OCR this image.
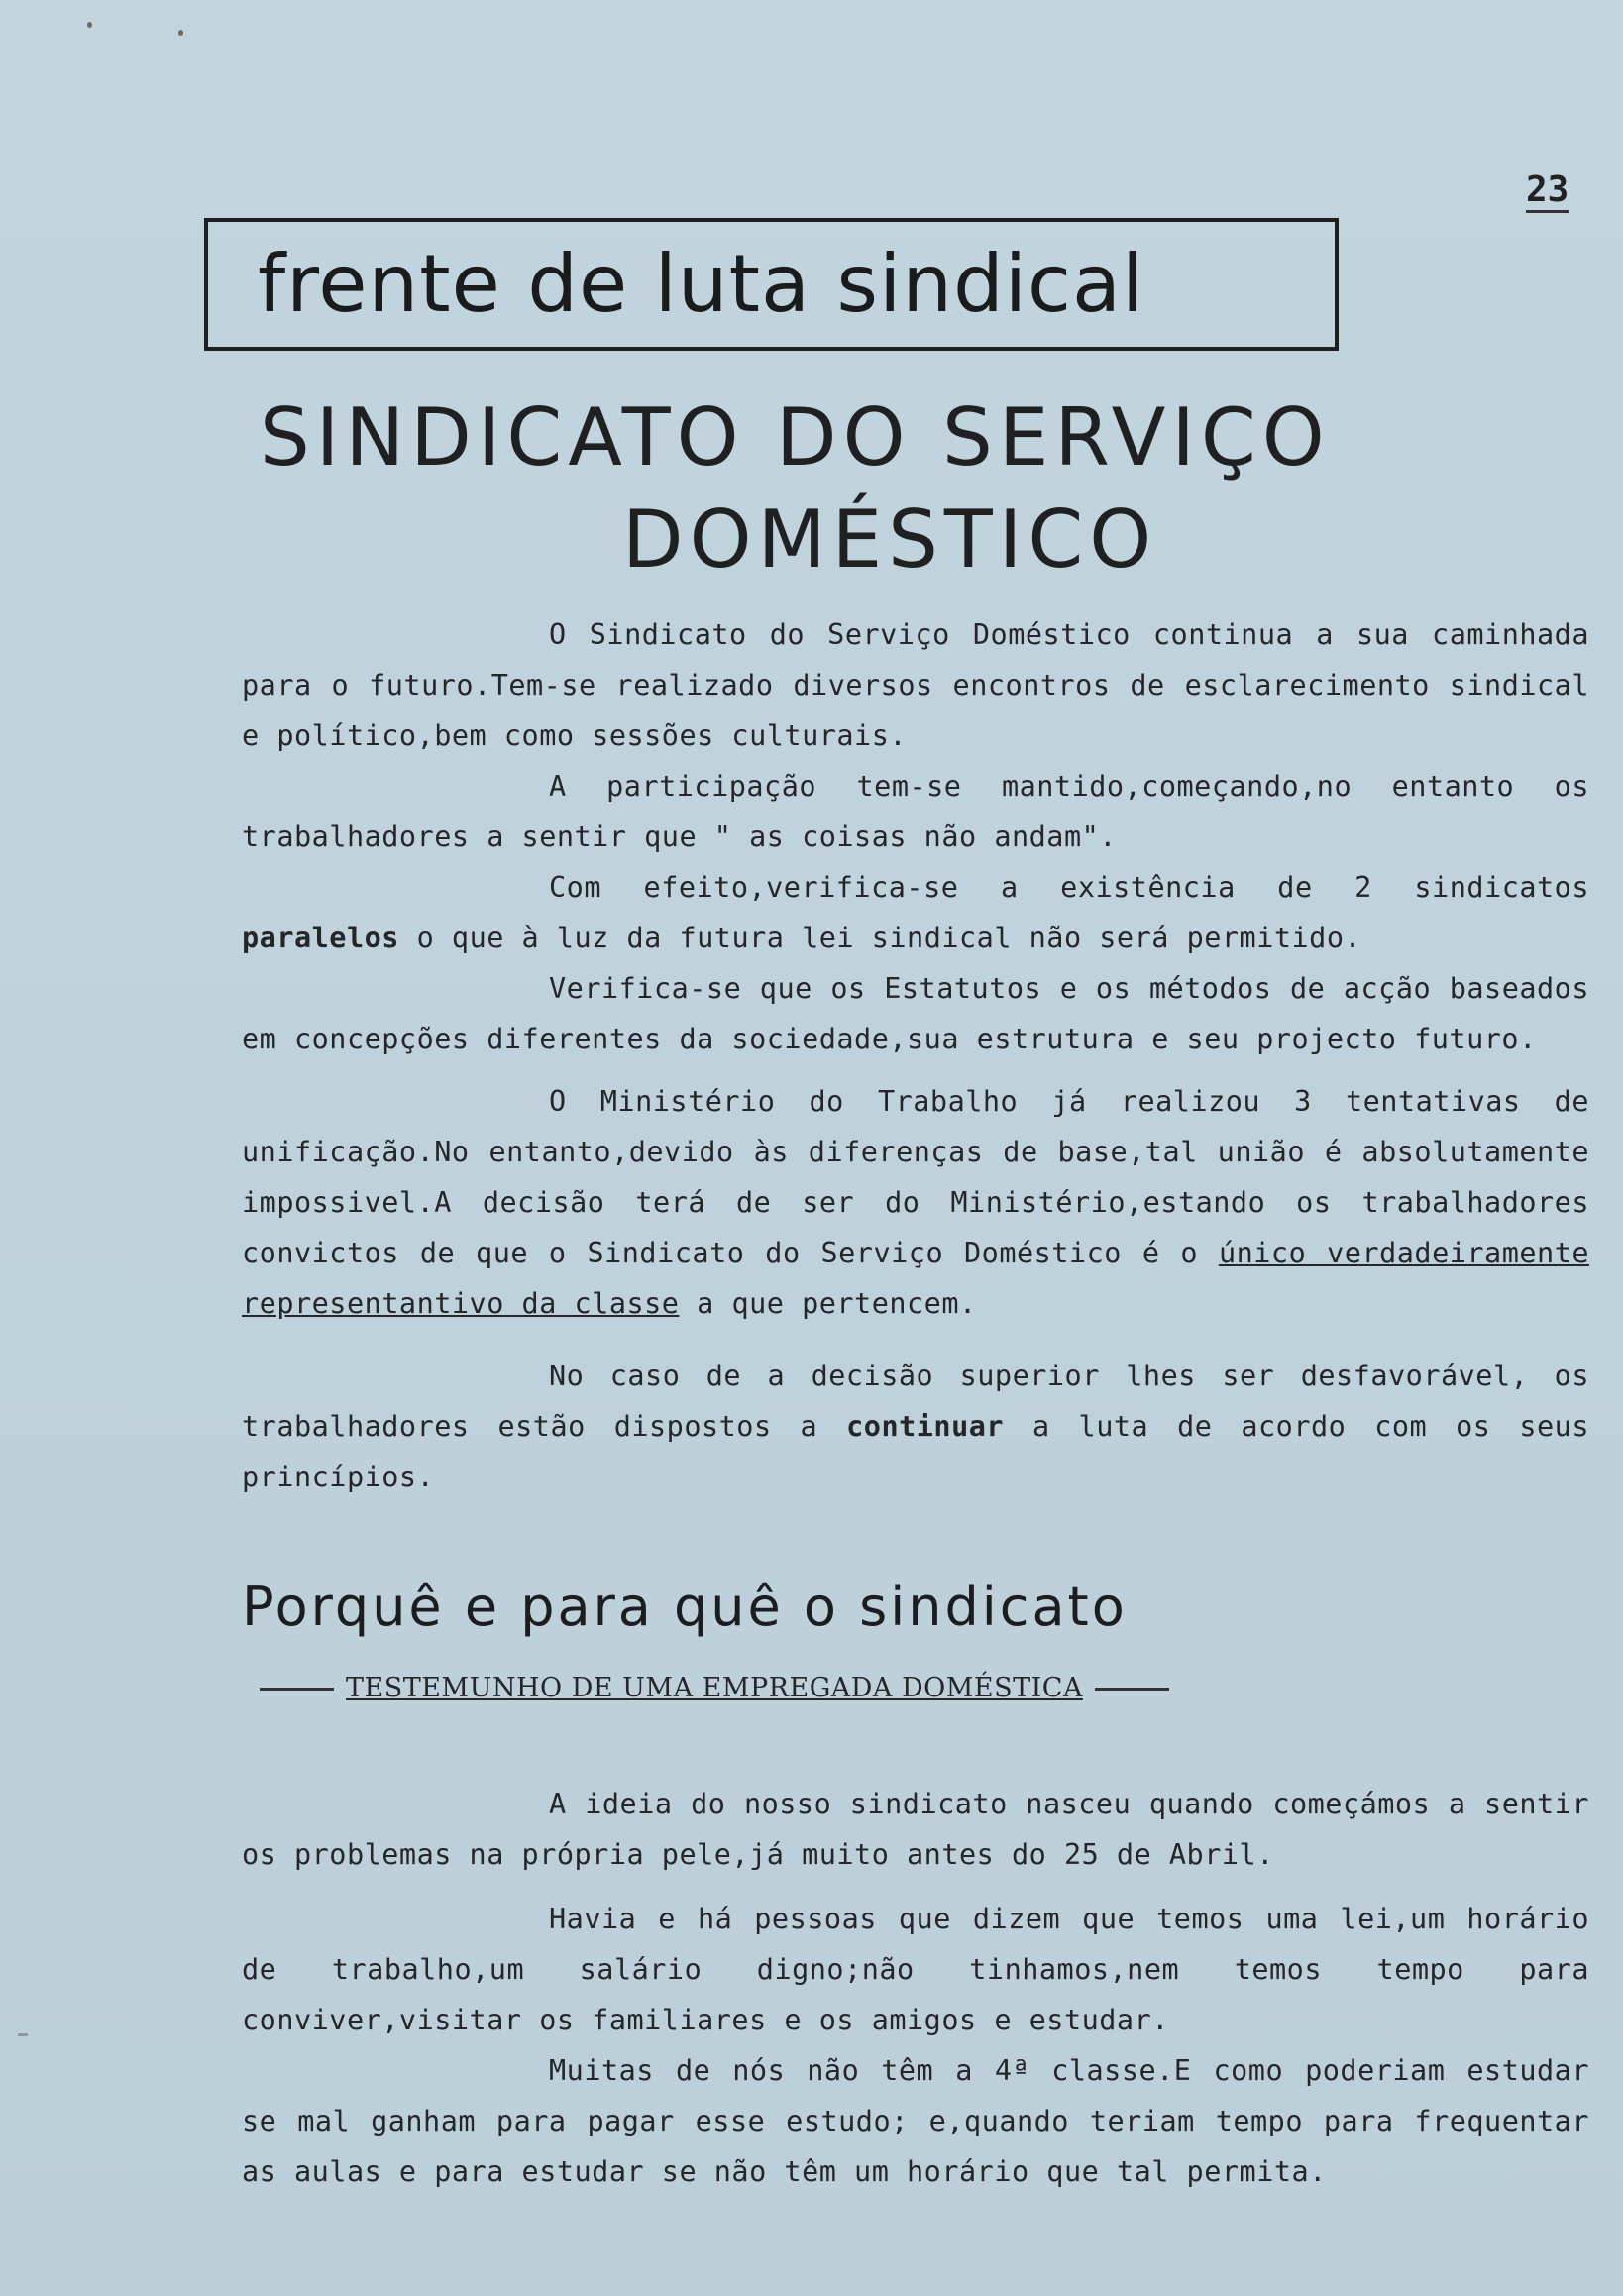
23
frente de luta sindical
SINDICATO DO SERVIÇO
DOMÉSTICO

O Sindicato do Serviço Doméstico continua a sua caminhada para o futuro.Tem-se realizado diversos encontros de esclarecimento sindical e político,bem como sessões culturais.

A participação tem-se mantido,começando,no entanto os trabalhadores a sentir que " as coisas não andam".

Com efeito,verifica-se a existência de 2 sindicatos paralelos o que à luz da futura lei sindical não será permitido.

Verifica-se que os Estatutos e os métodos de acção baseados em concepções diferentes da sociedade,sua estrutura e seu projecto futuro.

O Ministério do Trabalho já realizou 3 tentativas de unificação.No entanto,devido às diferenças de base,tal união é absolutamente impossivel.A decisão terá de ser do Ministério,estando os trabalhadores convictos de que o Sindicato do Serviço Doméstico é o único verdadeiramente representantivo da classe a que pertencem.

No caso de a decisão superior lhes ser desfavorável, os trabalhadores estão dispostos a continuar a luta de acordo com os seus princípios.

Porquê e para quê o sindicato
TESTEMUNHO DE UMA EMPREGADA DOMÉSTICA

A ideia do nosso sindicato nasceu quando começámos a sentir os problemas na própria pele,já muito antes do 25 de Abril.

Havia e há pessoas que dizem que temos uma lei,um horário de trabalho,um salário digno;não tinhamos,nem temos tempo para conviver,visitar os familiares e os amigos e estudar.

Muitas de nós não têm a 4ª classe.E como poderiam estudar se mal ganham para pagar esse estudo; e,quando teriam tempo para frequentar as aulas e para estudar se não têm um horário que tal permita.
